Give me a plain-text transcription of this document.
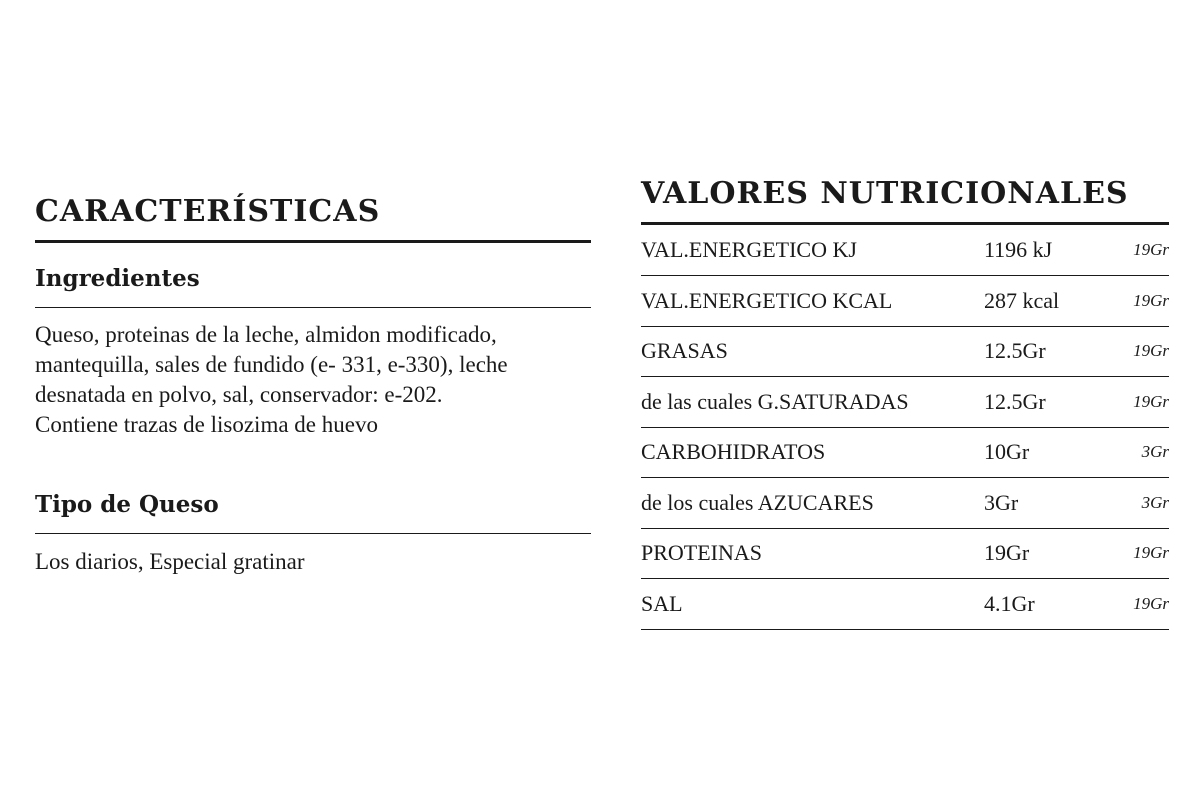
CARACTERÍSTICAS
Ingredientes

Queso, proteinas de la leche, almidon modificado,
mantequilla, sales de fundido (e- 331, e-330), leche
desnatada en polvo, sal, conservador: e-202.
Contiene trazas de lisozima de huevo

Tipo de Queso

Los diarios, Especial gratinar

VALORES NUTRICIONALES
VAL.ENERGETICO KJ	1196 kJ	19Gr
VAL.ENERGETICO KCAL	287 kcal	19Gr
GRASAS	12.5Gr	19Gr
de las cuales G.SATURADAS	12.5Gr	19Gr
CARBOHIDRATOS	10Gr	3Gr
de los cuales AZUCARES	3Gr	3Gr
PROTEINAS	19Gr	19Gr
SAL	4.1Gr	19Gr
